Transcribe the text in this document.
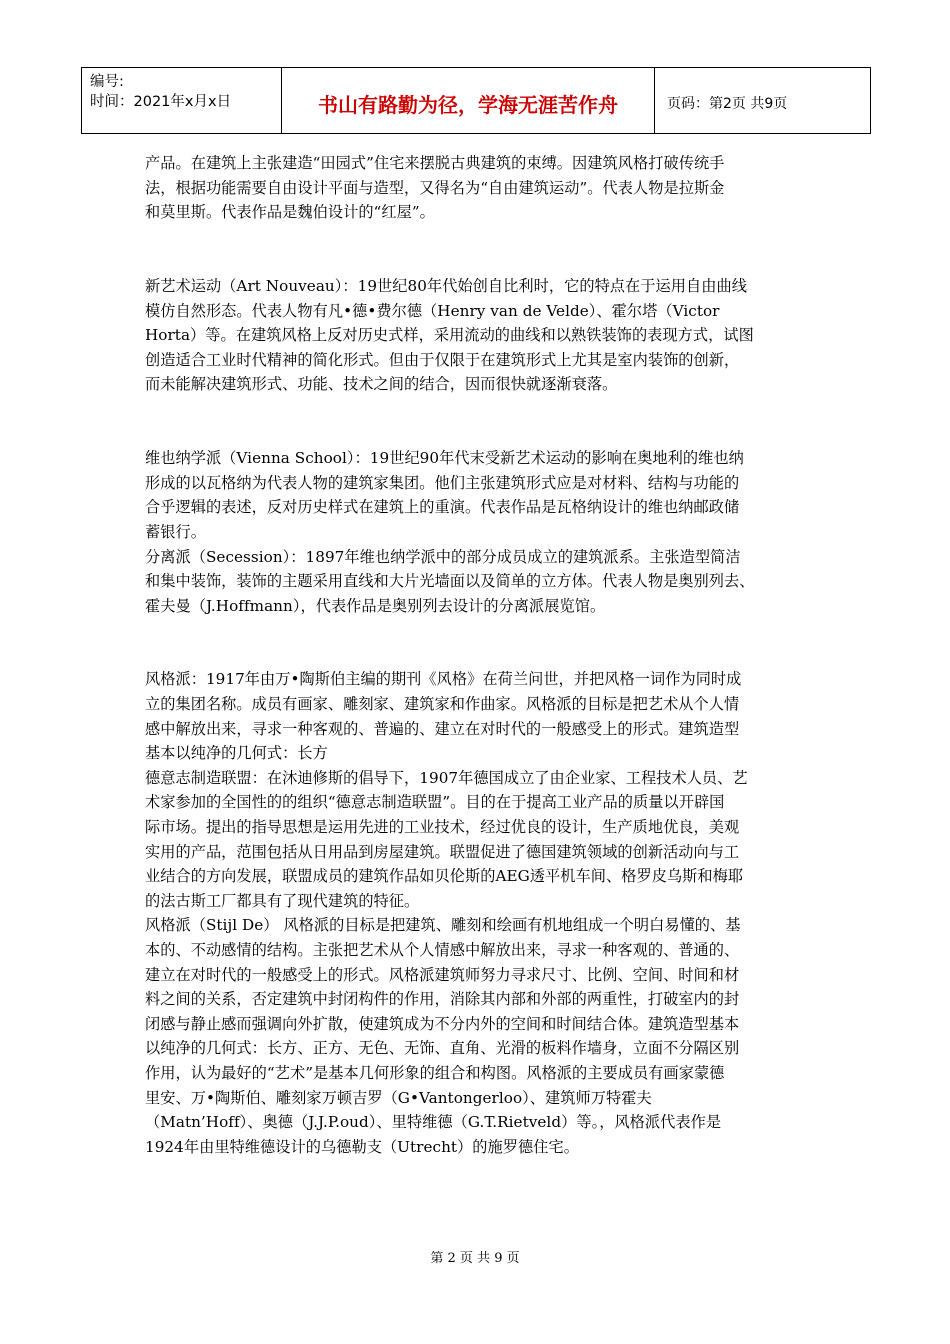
编号:
时间：2021年x月x日	书山有路勤为径，学海无涯苦作舟	页码：第2页 共9页

产品。在建筑上主张建造“田园式”住宅来摆脱古典建筑的束缚。因建筑风格打破传统手
法，根据功能需要自由设计平面与造型，又得名为“自由建筑运动”。代表人物是拉斯金
和莫里斯。代表作品是魏伯设计的“红屋”。

新艺术运动（Art Nouveau）：19世纪80年代始创自比利时，它的特点在于运用自由曲线
模仿自然形态。代表人物有凡•德•费尔德（Henry van de Velde）、霍尔塔（Victor
Horta）等。在建筑风格上反对历史式样，采用流动的曲线和以熟铁装饰的表现方式，试图
创造适合工业时代精神的简化形式。但由于仅限于在建筑形式上尤其是室内装饰的创新，
而未能解决建筑形式、功能、技术之间的结合，因而很快就逐渐衰落。

维也纳学派（Vienna School）：19世纪90年代末受新艺术运动的影响在奥地利的维也纳
形成的以瓦格纳为代表人物的建筑家集团。他们主张建筑形式应是对材料、结构与功能的
合乎逻辑的表述，反对历史样式在建筑上的重演。代表作品是瓦格纳设计的维也纳邮政储
蓄银行。
分离派（Secession）：1897年维也纳学派中的部分成员成立的建筑派系。主张造型简洁
和集中装饰，装饰的主题采用直线和大片光墙面以及简单的立方体。代表人物是奥别列去、
霍夫曼（J.Hoffmann），代表作品是奥别列去设计的分离派展览馆。

风格派：1917年由万•陶斯伯主编的期刊《风格》在荷兰问世，并把风格一词作为同时成
立的集团名称。成员有画家、雕刻家、建筑家和作曲家。风格派的目标是把艺术从个人情
感中解放出来，寻求一种客观的、普遍的、建立在对时代的一般感受上的形式。建筑造型
基本以纯净的几何式：长方
德意志制造联盟：在沐迪修斯的倡导下，1907年德国成立了由企业家、工程技术人员、艺
术家参加的全国性的的组织“德意志制造联盟”。目的在于提高工业产品的质量以开辟国
际市场。提出的指导思想是运用先进的工业技术，经过优良的设计，生产质地优良，美观
实用的产品，范围包括从日用品到房屋建筑。联盟促进了德国建筑领域的创新活动向与工
业结合的方向发展，联盟成员的建筑作品如贝伦斯的AEG透平机车间、格罗皮乌斯和梅耶
的法古斯工厂都具有了现代建筑的特征。
风格派（Stijl De） 风格派的目标是把建筑、雕刻和绘画有机地组成一个明白易懂的、基
本的、不动感情的结构。主张把艺术从个人情感中解放出来，寻求一种客观的、普通的、
建立在对时代的一般感受上的形式。风格派建筑师努力寻求尺寸、比例、空间、时间和材
料之间的关系，否定建筑中封闭构件的作用，消除其内部和外部的两重性，打破室内的封
闭感与静止感而强调向外扩散，使建筑成为不分内外的空间和时间结合体。建筑造型基本
以纯净的几何式：长方、正方、无色、无饰、直角、光滑的板料作墙身，立面不分隔区别
作用，认为最好的“艺术”是基本几何形象的组合和构图。风格派的主要成员有画家蒙德
里安、万•陶斯伯、雕刻家万顿吉罗（G•Vantongerloo）、建筑师万特霍夫
（Matn’Hoff）、奥德（J.J.P.oud）、里特维德（G.T.Rietveld）等。，风格派代表作是
1924年由里特维德设计的乌德勒支（Utrecht）的施罗德住宅。

第 2 页 共 9 页
